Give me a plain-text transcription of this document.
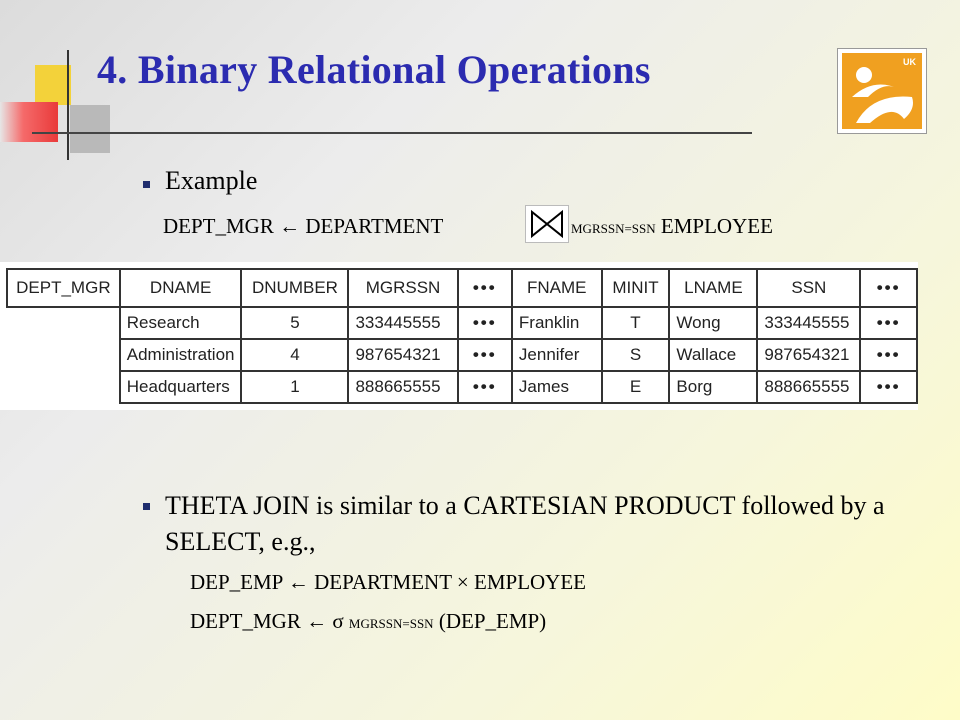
4. Binary Relational Operations	UK
Example
DEPT_MGR ← DEPARTMENT	MGRSSN=SSN EMPLOYEE
DEPT_MGR	DNAME	DNUMBER	MGRSSN	•••	FNAME	MINIT	LNAME	SSN	•••
	Research	5	333445555	•••	Franklin	T	Wong	333445555	•••
	Administration	4	987654321	•••	Jennifer	S	Wallace	987654321	•••
	Headquarters	1	888665555	•••	James	E	Borg	888665555	•••
THETA JOIN is similar to a CARTESIAN PRODUCT followed by a SELECT, e.g.,
DEP_EMP ← DEPARTMENT × EMPLOYEE
DEPT_MGR ← σ MGRSSN=SSN (DEP_EMP)
